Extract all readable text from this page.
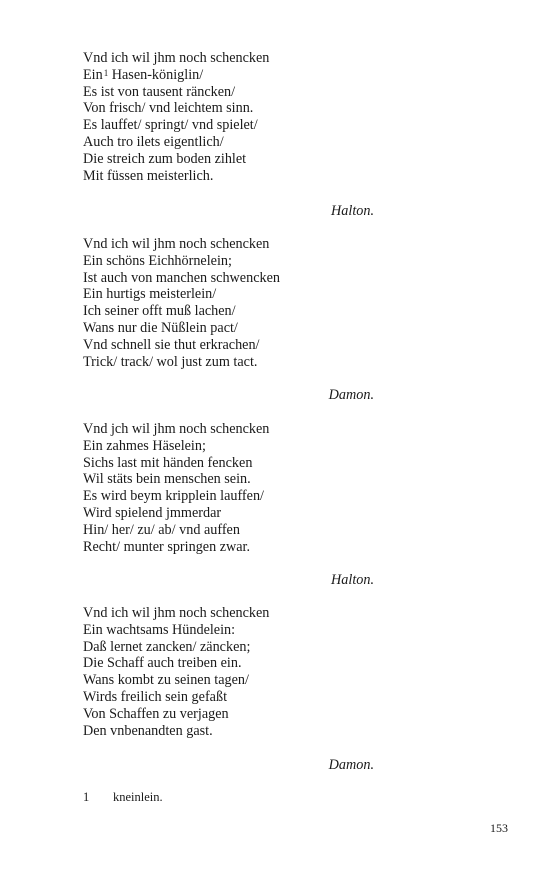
Vnd ich wil jhm noch schencken
Ein$^1$ Hasen-königlin/
Es ist von tausent räncken/
Von frisch/ vnd leichtem sinn.
Es lauffet/ springt/ vnd spielet/
Auch tro ilets eigentlich/
Die streich zum boden zihlet
Mit füssen meisterlich.
Halton.
Vnd ich wil jhm noch schencken
Ein schöns Eichhörnelein;
Ist auch von manchen schwencken
Ein hurtigs meisterlein/
Ich seiner offt muß lachen/
Wans nur die Nüßlein pact/
Vnd schnell sie thut erkrachen/
Trick/ track/ wol just zum tact.
Damon.
Vnd jch wil jhm noch schencken
Ein zahmes Häselein;
Sichs last mit händen fencken
Wil stäts bein menschen sein.
Es wird beym kripplein lauffen/
Wird spielend jmmerdar
Hin/ her/ zu/ ab/ vnd auffen
Recht/ munter springen zwar.
Halton.
Vnd ich wil jhm noch schencken
Ein wachtsams Hündelein:
Daß lernet zancken/ zäncken;
Die Schaff auch treiben ein.
Wans kombt zu seinen tagen/
Wirds freilich sein gefaßt
Von Schaffen zu verjagen
Den vnbenandten gast.
Damon.
1 kneinlein.
153
